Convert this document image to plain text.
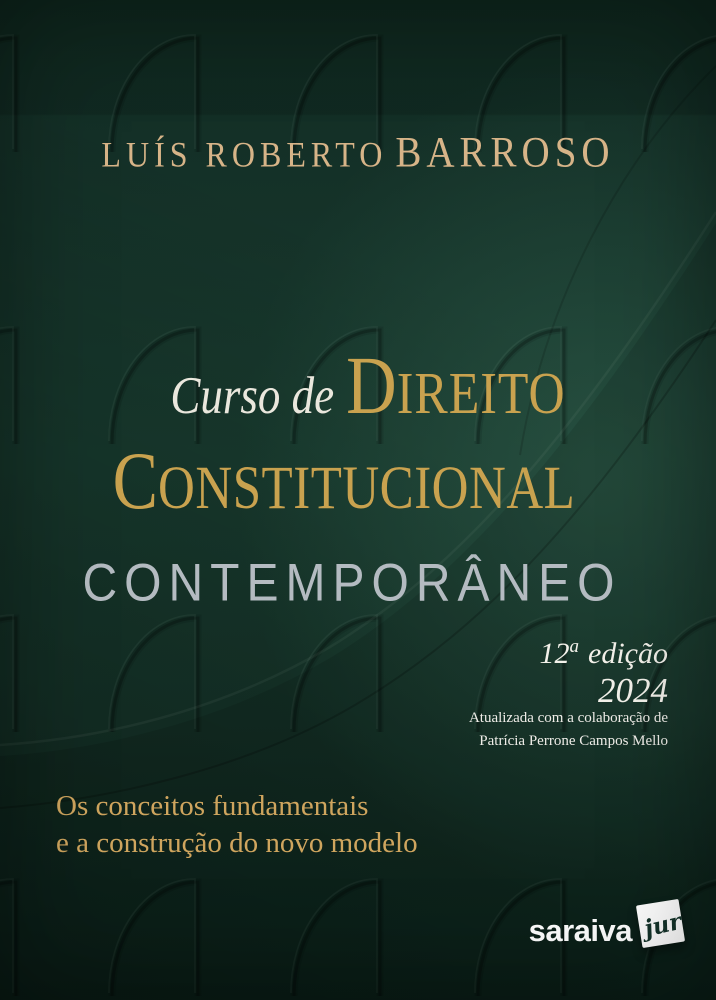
LUÍS ROBERTO BARROSO
Curso de DIREITO
CONSTITUCIONAL
CONTEMPORÂNEO
12$^a$ edição
2024
Atualizada com a colaboração de
Patrícia Perrone Campos Mello
Os conceitos fundamentais
e a construção do novo modelo
saraiva jur
